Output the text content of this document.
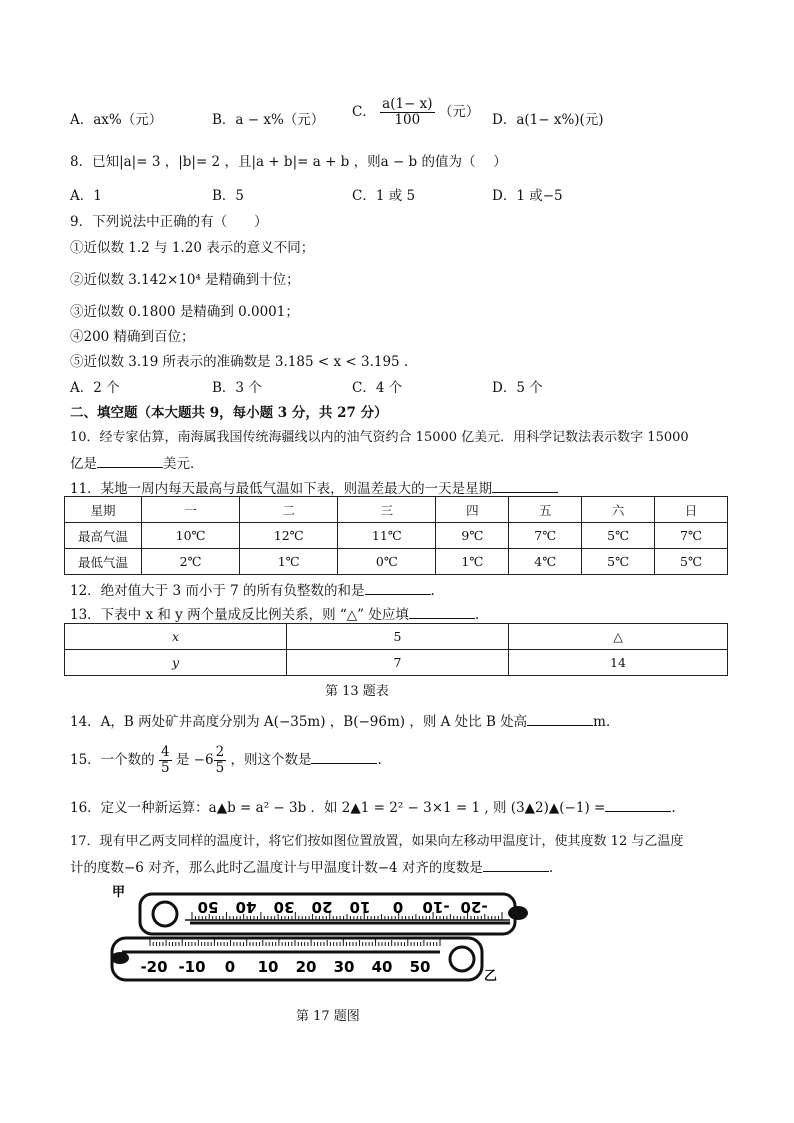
A．ax%（元）	B．a − x%（元）
C． $\frac{a(1- x)}{100}$ （元）
D．a(1− x%)(元)
8．已知|a|= 3 ，|b|= 2 ，且|a + b|= a + b ，则a − b 的值为（　 ）
A．1	B．5	C．1 或 5	D．1 或−5
9．下列说法中正确的有（　　）
①近似数 1.2 与 1.20 表示的意义不同；
②近似数 3.142×10⁴ 是精确到十位；
③近似数 0.1800 是精确到 0.0001；
④200 精确到百位；
⑤近似数 3.19 所表示的准确数是 3.185 < x < 3.195 .
A．2 个	B．3 个	C．4 个	D．5 个
二、填空题（本大题共 9，每小题 3 分，共 27 分）
10．经专家估算，南海属我国传统海疆线以内的油气资约合 15000 亿美元．用科学记数法表示数字 15000
亿是	美元．
11．某地一周内每天最高与最低气温如下表，则温差最大的一天是星期
星期	一	二	三	四	五	六	日
最高气温	10℃	12℃	11℃	9℃	7℃	5℃	7℃
最低气温	2℃	1℃	0℃	1℃	4℃	5℃	5℃
12．绝对值大于 3 而小于 7 的所有负整数的和是	.
13．下表中 x 和 y 两个量成反比例关系，则 “△” 处应填	.
x	5	△
y	7	14
第 13 题表
14．A，B 两处矿井高度分别为 A(−35m) ，B(−96m) ，则 A 处比 B 处高	m．
15．一个数的 $\frac{4}{5}$ 是 $-6 \frac{2}{5}$ ，则这个数是	.
16．定义一种新运算：a▲b = a² − 3b ．如 2▲1 = 2² − 3×1 = 1 , 则 (3▲2)▲(−1) =	.
17．现有甲乙两支同样的温度计，将它们按如图位置放置，如果向左移动甲温度计，使其度数 12 与乙温度
计的度数−6 对齐，那么此时乙温度计与甲温度计数−4 对齐的度数是	.
50 40 30 20 10 0 -10 -20
甲
-20 -10 0 10 20 30 40 50
乙
第 17 题图
